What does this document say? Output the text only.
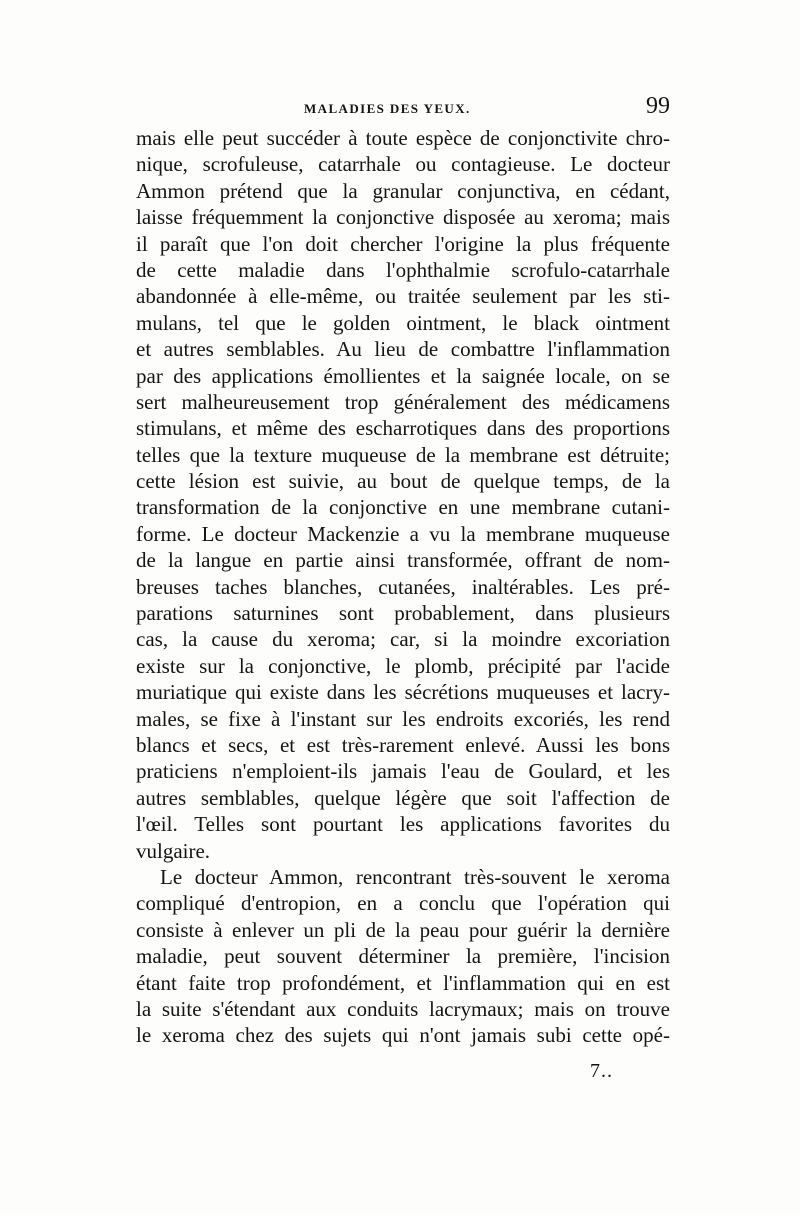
MALADIES DES YEUX.	99
mais elle peut succéder à toute espèce de conjonctivite chro-
nique, scrofuleuse, catarrhale ou contagieuse. Le docteur
Ammon prétend que la granular conjunctiva, en cédant,
laisse fréquemment la conjonctive disposée au xeroma; mais
il paraît que l'on doit chercher l'origine la plus fréquente
de cette maladie dans l'ophthalmie scrofulo-catarrhale
abandonnée à elle-même, ou traitée seulement par les sti-
mulans, tel que le golden ointment, le black ointment
et autres semblables. Au lieu de combattre l'inflammation
par des applications émollientes et la saignée locale, on se
sert malheureusement trop généralement des médicamens
stimulans, et même des escharrotiques dans des proportions
telles que la texture muqueuse de la membrane est détruite;
cette lésion est suivie, au bout de quelque temps, de la
transformation de la conjonctive en une membrane cutani-
forme. Le docteur Mackenzie a vu la membrane muqueuse
de la langue en partie ainsi transformée, offrant de nom-
breuses taches blanches, cutanées, inaltérables. Les pré-
parations saturnines sont probablement, dans plusieurs
cas, la cause du xeroma; car, si la moindre excoriation
existe sur la conjonctive, le plomb, précipité par l'acide
muriatique qui existe dans les sécrétions muqueuses et lacry-
males, se fixe à l'instant sur les endroits excoriés, les rend
blancs et secs, et est très-rarement enlevé. Aussi les bons
praticiens n'emploient-ils jamais l'eau de Goulard, et les
autres semblables, quelque légère que soit l'affection de
l'œil. Telles sont pourtant les applications favorites du
vulgaire.
Le docteur Ammon, rencontrant très-souvent le xeroma
compliqué d'entropion, en a conclu que l'opération qui
consiste à enlever un pli de la peau pour guérir la dernière
maladie, peut souvent déterminer la première, l'incision
étant faite trop profondément, et l'inflammation qui en est
la suite s'étendant aux conduits lacrymaux; mais on trouve
le xeroma chez des sujets qui n'ont jamais subi cette opé-
7..
